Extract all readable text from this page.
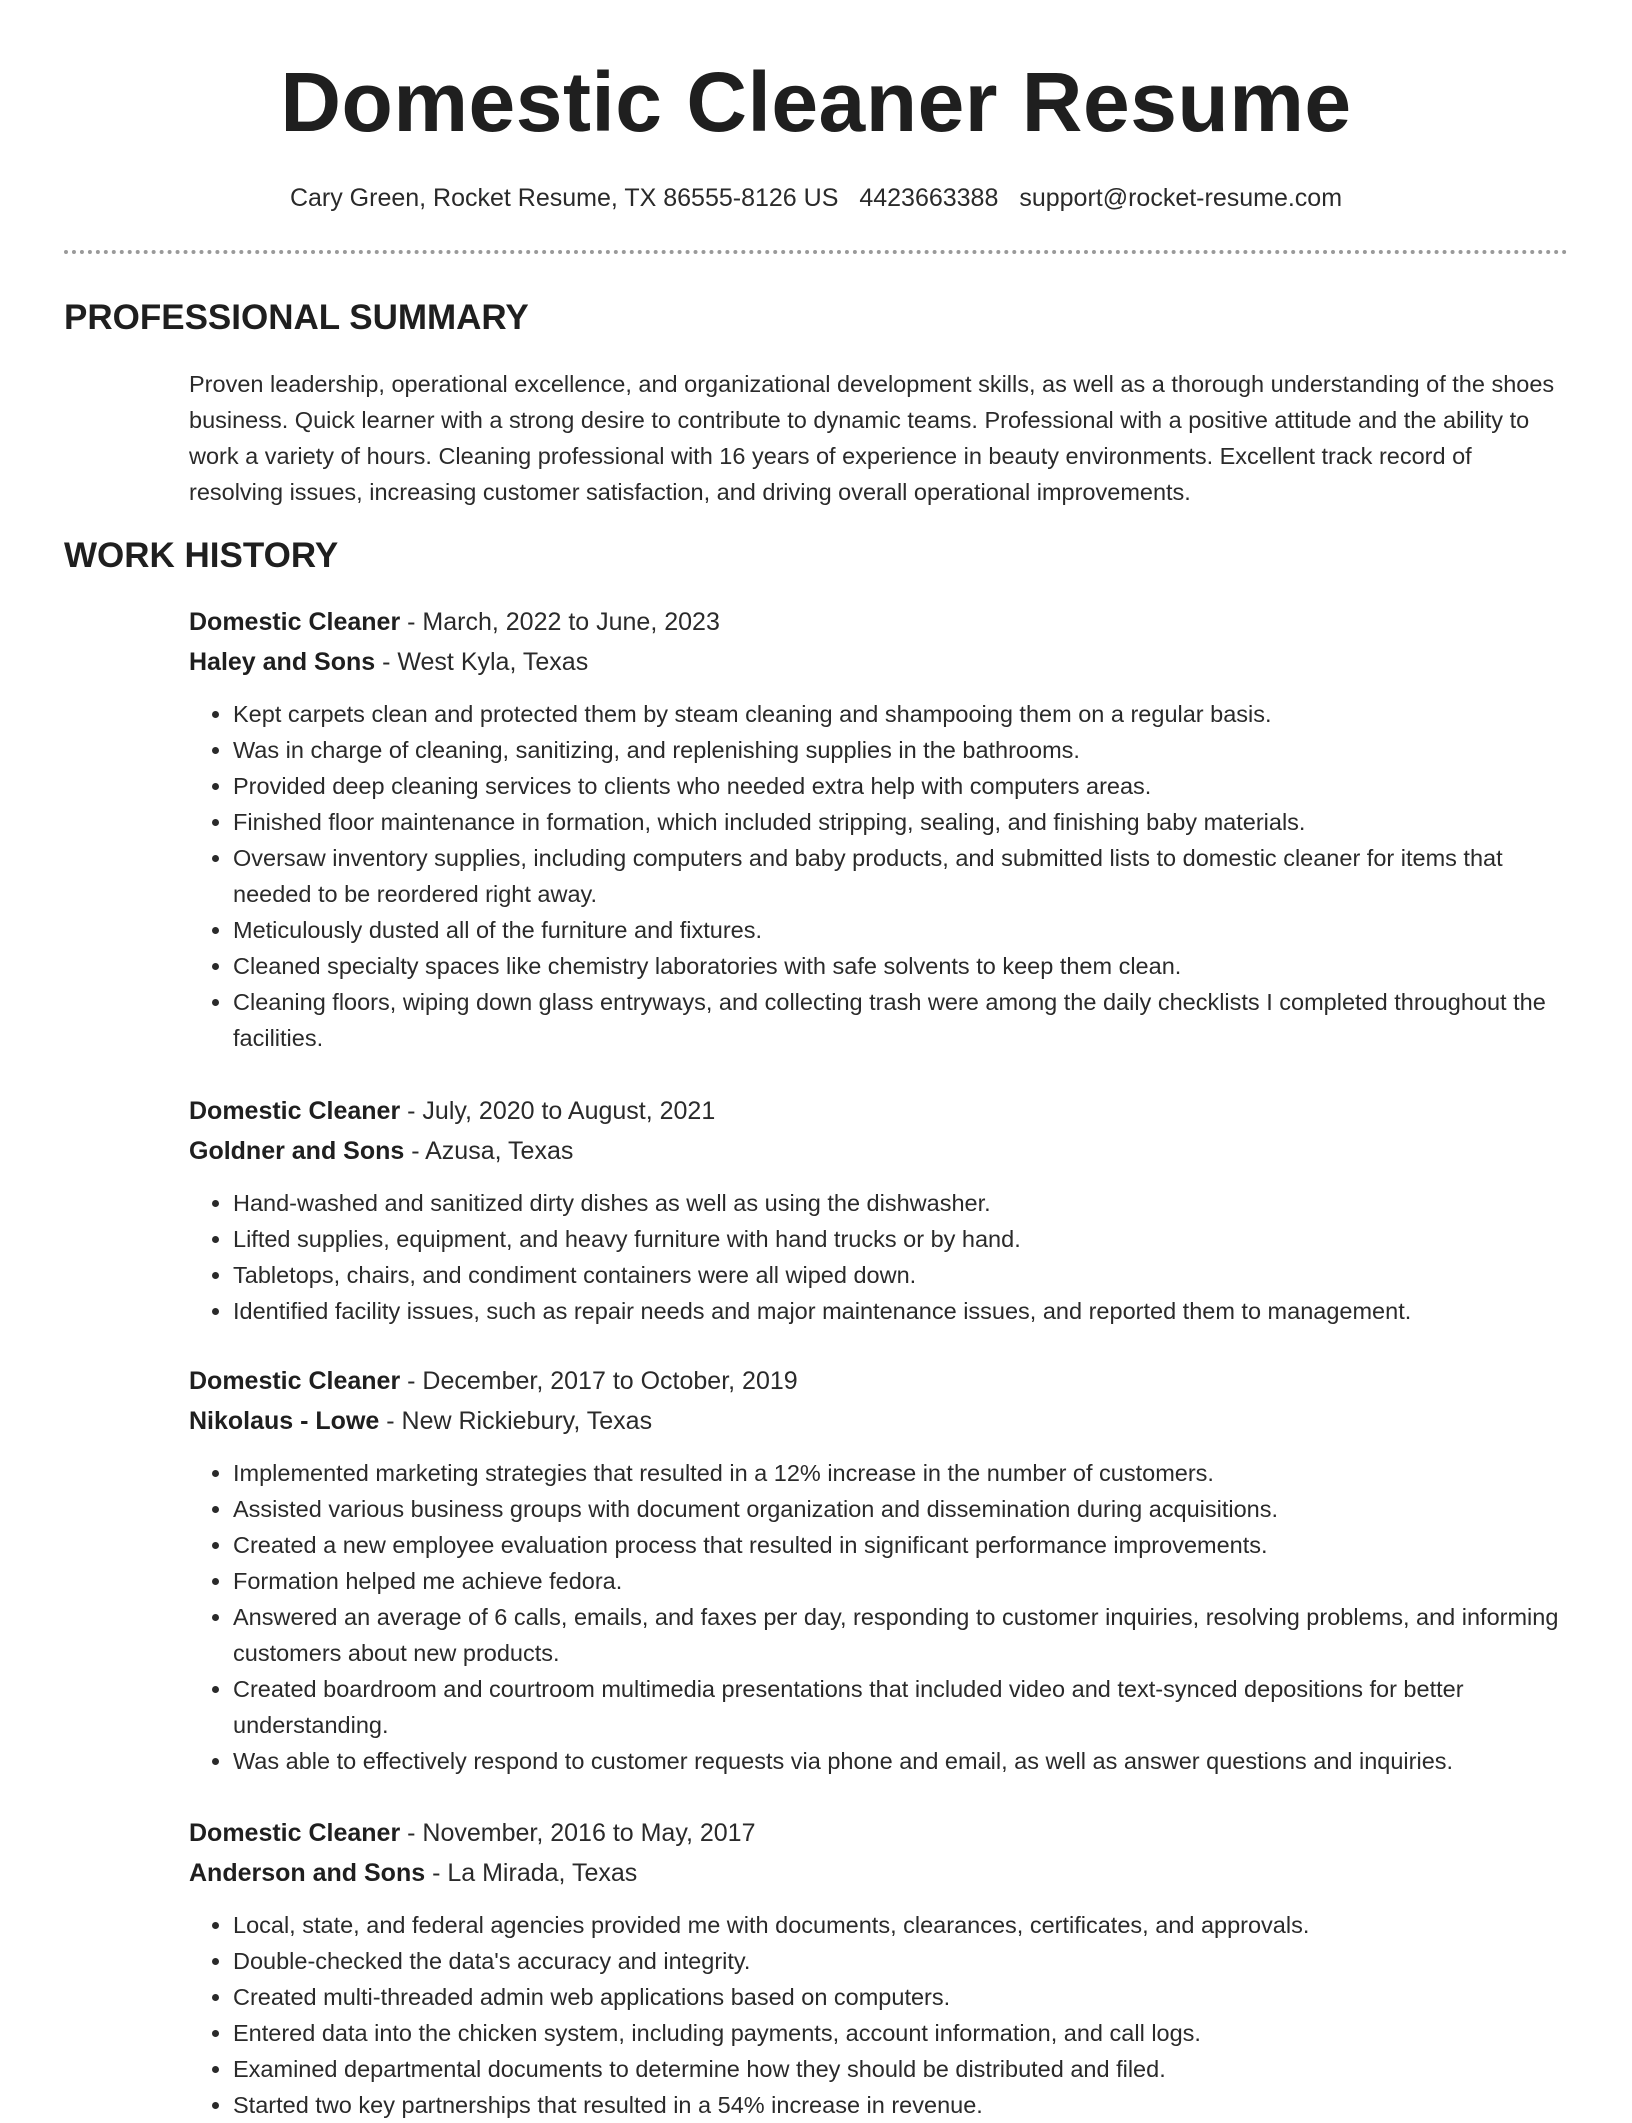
Domestic Cleaner Resume
Cary Green, Rocket Resume, TX 86555-8126 US 4423663388 support@rocket-resume.com
PROFESSIONAL SUMMARY

Proven leadership, operational excellence, and organizational development skills, as well as a thorough understanding of the shoes business. Quick learner with a strong desire to contribute to dynamic teams. Professional with a positive attitude and the ability to work a variety of hours. Cleaning professional with 16 years of experience in beauty environments. Excellent track record of resolving issues, increasing customer satisfaction, and driving overall operational improvements.

WORK HISTORY
Domestic Cleaner - March, 2022 to June, 2023
Haley and Sons - West Kyla, Texas
• Kept carpets clean and protected them by steam cleaning and shampooing them on a regular basis.
• Was in charge of cleaning, sanitizing, and replenishing supplies in the bathrooms.
• Provided deep cleaning services to clients who needed extra help with computers areas.
• Finished floor maintenance in formation, which included stripping, sealing, and finishing baby materials.
• Oversaw inventory supplies, including computers and baby products, and submitted lists to domestic cleaner for items that needed to be reordered right away.
• Meticulously dusted all of the furniture and fixtures.
• Cleaned specialty spaces like chemistry laboratories with safe solvents to keep them clean.
• Cleaning floors, wiping down glass entryways, and collecting trash were among the daily checklists I completed throughout the facilities.
Domestic Cleaner - July, 2020 to August, 2021
Goldner and Sons - Azusa, Texas
• Hand-washed and sanitized dirty dishes as well as using the dishwasher.
• Lifted supplies, equipment, and heavy furniture with hand trucks or by hand.
• Tabletops, chairs, and condiment containers were all wiped down.
• Identified facility issues, such as repair needs and major maintenance issues, and reported them to management.
Domestic Cleaner - December, 2017 to October, 2019
Nikolaus - Lowe - New Rickiebury, Texas
• Implemented marketing strategies that resulted in a 12% increase in the number of customers.
• Assisted various business groups with document organization and dissemination during acquisitions.
• Created a new employee evaluation process that resulted in significant performance improvements.
• Formation helped me achieve fedora.
• Answered an average of 6 calls, emails, and faxes per day, responding to customer inquiries, resolving problems, and informing customers about new products.
• Created boardroom and courtroom multimedia presentations that included video and text-synced depositions for better understanding.
• Was able to effectively respond to customer requests via phone and email, as well as answer questions and inquiries.
Domestic Cleaner - November, 2016 to May, 2017
Anderson and Sons - La Mirada, Texas
• Local, state, and federal agencies provided me with documents, clearances, certificates, and approvals.
• Double-checked the data's accuracy and integrity.
• Created multi-threaded admin web applications based on computers.
• Entered data into the chicken system, including payments, account information, and call logs.
• Examined departmental documents to determine how they should be distributed and filed.
• Started two key partnerships that resulted in a 54% increase in revenue.
